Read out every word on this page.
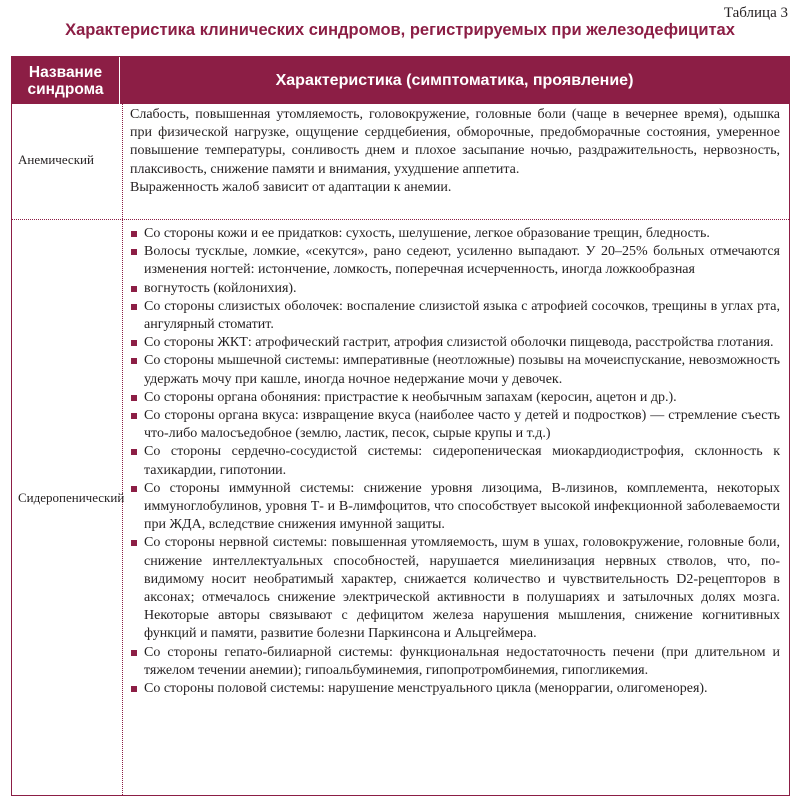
Таблица 3
Характеристика клинических синдромов, регистрируемых при железодефицитах
Название
синдрома
Характеристика (симптоматика, проявление)
Анемический

Слабость, повышенная утомляемость, головокружение, головные боли (чаще в вечернее время), одышка при физической нагрузке, ощущение сердцебиения, обморочные, предобморачные состояния, умеренное повышение температуры, сонливость днем и плохое засыпание ночью, раздражительность, нервозность, плаксивость, снижение памяти и внимания, ухудшение аппетита.

Выраженность жалоб зависит от адаптации к анемии.

Сидеропенический
Со стороны кожи и ее придатков: сухость, шелушение, легкое образование трещин, бледность.
Волосы тусклые, ломкие, «секутся», рано седеют, усиленно выпадают. У 20–25% больных отмечаются изменения ногтей: истончение, ломкость, поперечная исчерченность, иногда ложкообразная
вогнутость (койлонихия).
Со стороны слизистых оболочек: воспаление слизистой языка с атрофией сосочков, трещины в углах рта, ангулярный стоматит.
Со стороны ЖКТ: атрофический гастрит, атрофия слизистой оболочки пищевода, расстройства глотания.
Со стороны мышечной системы: императивные (неотложные) позывы на мочеиспускание, невозможность удержать мочу при кашле, иногда ночное недержание мочи у девочек.
Со стороны органа обоняния: пристрастие к необычным запахам (керосин, ацетон и др.).
Со стороны органа вкуса: извращение вкуса (наиболее часто у детей и подростков) — стремление съесть что-либо малосъедобное (землю, ластик, песок, сырые крупы и т.д.)
Со стороны сердечно-сосудистой системы: сидеропеническая миокардиодистрофия, склонность к тахикардии, гипотонии.
Со стороны иммунной системы: снижение уровня лизоцима, В-лизинов, комплемента, некоторых иммуноглобулинов, уровня Т- и В-лимфоцитов, что способствует высокой инфекционной заболеваемости при ЖДА, вследствие снижения имунной защиты.
Со стороны нервной системы: повышенная утомляемость, шум в ушах, головокружение, головные боли, снижение интеллектуальных способностей, нарушается миелинизация нервных стволов, что, по-видимому носит необратимый характер, снижается количество и чувствительность D2-рецепторов в аксонах; отмечалось снижение электрической активности в полушариях и затылочных долях мозга. Некоторые авторы связывают с дефицитом железа нарушения мышления, снижение когнитивных функций и памяти, развитие болезни Паркинсона и Альцгеймера.
Со стороны гепато-билиарной системы: функциональная недостаточность печени (при длительном и тяжелом течении анемии); гипоальбуминемия, гипопротромбинемия, гипогликемия.
Со стороны половой системы: нарушение менструального цикла (меноррагии, олигоменорея).
